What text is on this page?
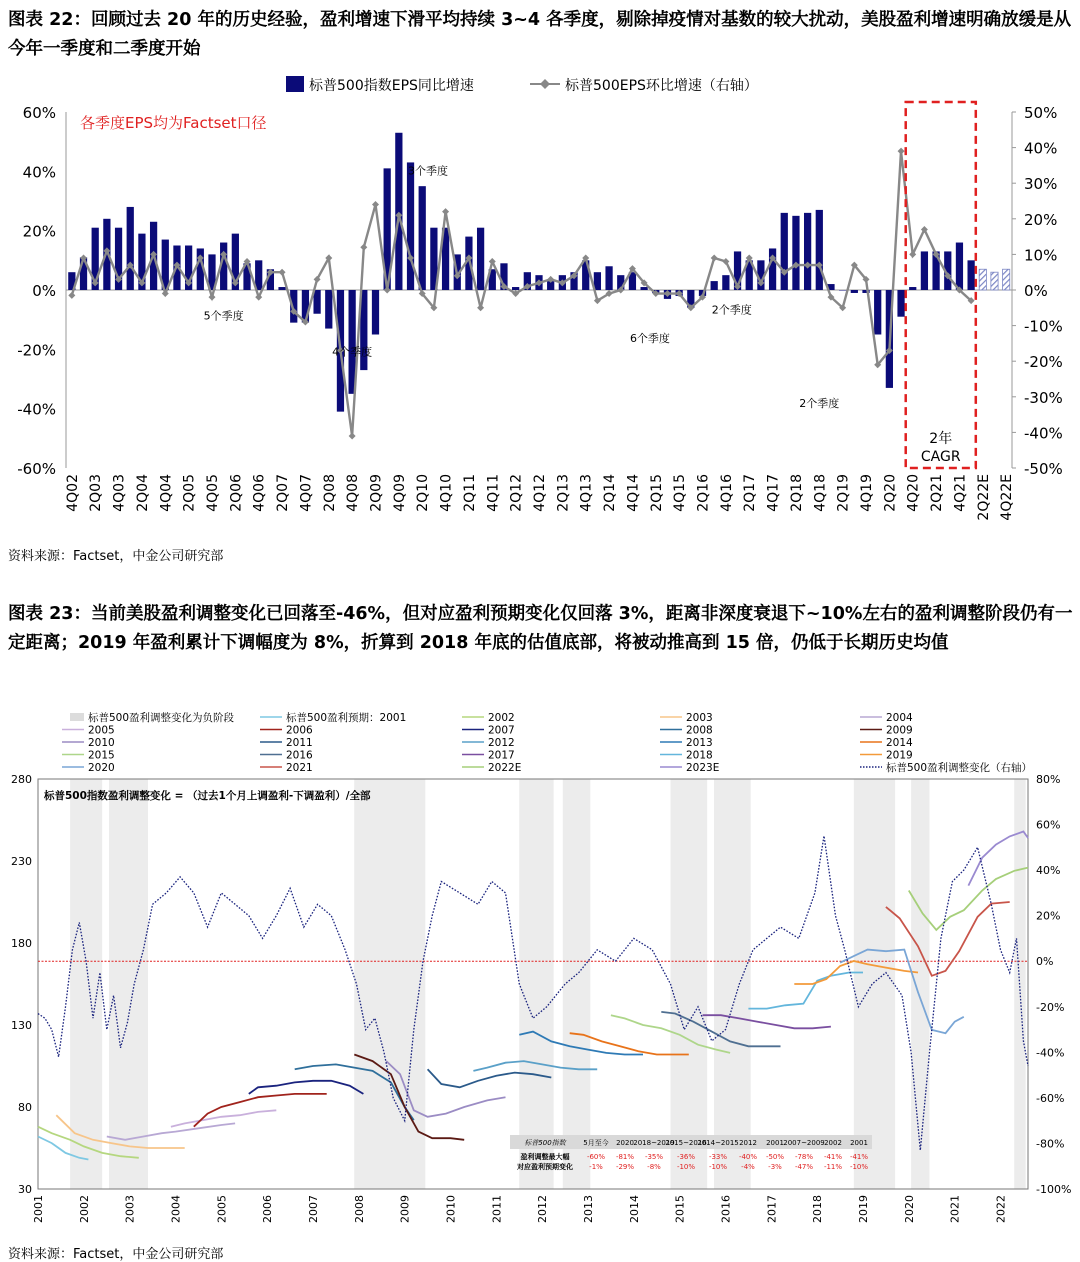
图表 22：回顾过去 20 年的历史经验，盈利增速下滑平均持续 3~4 各季度，剔除掉疫情对基数的较大扰动，美股盈利增速明确放缓是从今年一季度和二季度开始
标普500指数EPS同比增速	标普500EPS环比增速（右轴）
-60%
-40%
-20%
0%
20%
40%
60%
-50%
-40%
-30%
-20%
-10%
0%
10%
20%
30%
40%
50%
4Q02 2Q03 4Q03 2Q04 4Q04 2Q05 4Q05 2Q06 4Q06 2Q07 4Q07 2Q08 4Q08 2Q09 4Q09 2Q10 4Q10 2Q11 4Q11 2Q12 4Q12 2Q13 4Q13 2Q14 4Q14 2Q15 4Q15 2Q16 4Q16 2Q17 4Q17 2Q18 4Q18 2Q19 4Q19 2Q20 4Q20 2Q21 4Q21 2Q22E 4Q22E
5个季度
4个季度
3个季度
6个季度
2个季度
2个季度
各季度EPS均为Factset口径
2年
CAGR
资料来源：Factset，中金公司研究部
图表 23：当前美股盈利调整变化已回落至-46%，但对应盈利预期变化仅回落 3%，距离非深度衰退下~10%左右的盈利调整阶段仍有一定距离；2019 年盈利累计下调幅度为 8%，折算到 2018 年底的估值底部，将被动推高到 15 倍，仍低于长期历史均值
标普500盈利调整变化为负阶段	标普500盈利预期：2001	2002	2003	2004
2005	2006	2007	2008	2009
2010	2011	2012	2013	2014
2015	2016	2017	2018	2019
2020	2021	2022E	2023E	标普500盈利调整变化（右轴）
30
80
130
180
230
280
-100%
-80%
-60%
-40%
-20%
0%
20%
40%
60%
80%
2001	2002	2003	2004	2005	2006	2007	2008	2009	2010	2011	2012	2013	2014	2015	2016	2017	2018	2019	2020	2021	2022
标普500指数盈利调整变化 = （过去1个月上调盈利-下调盈利）/全部
标普500指数	5月至今 2020 2018~2019
2015~2016
2014~2015 2012 2001 2007~2009 2002 2001
盈利调整最大幅 -60% -81% -35% -36% -33% -40% -50% -78% -41% -41%
对应盈利预期变化 -1% -29% -8% -10% -10% -4% -3% -47% -11% -10%
资料来源：Factset，中金公司研究部
